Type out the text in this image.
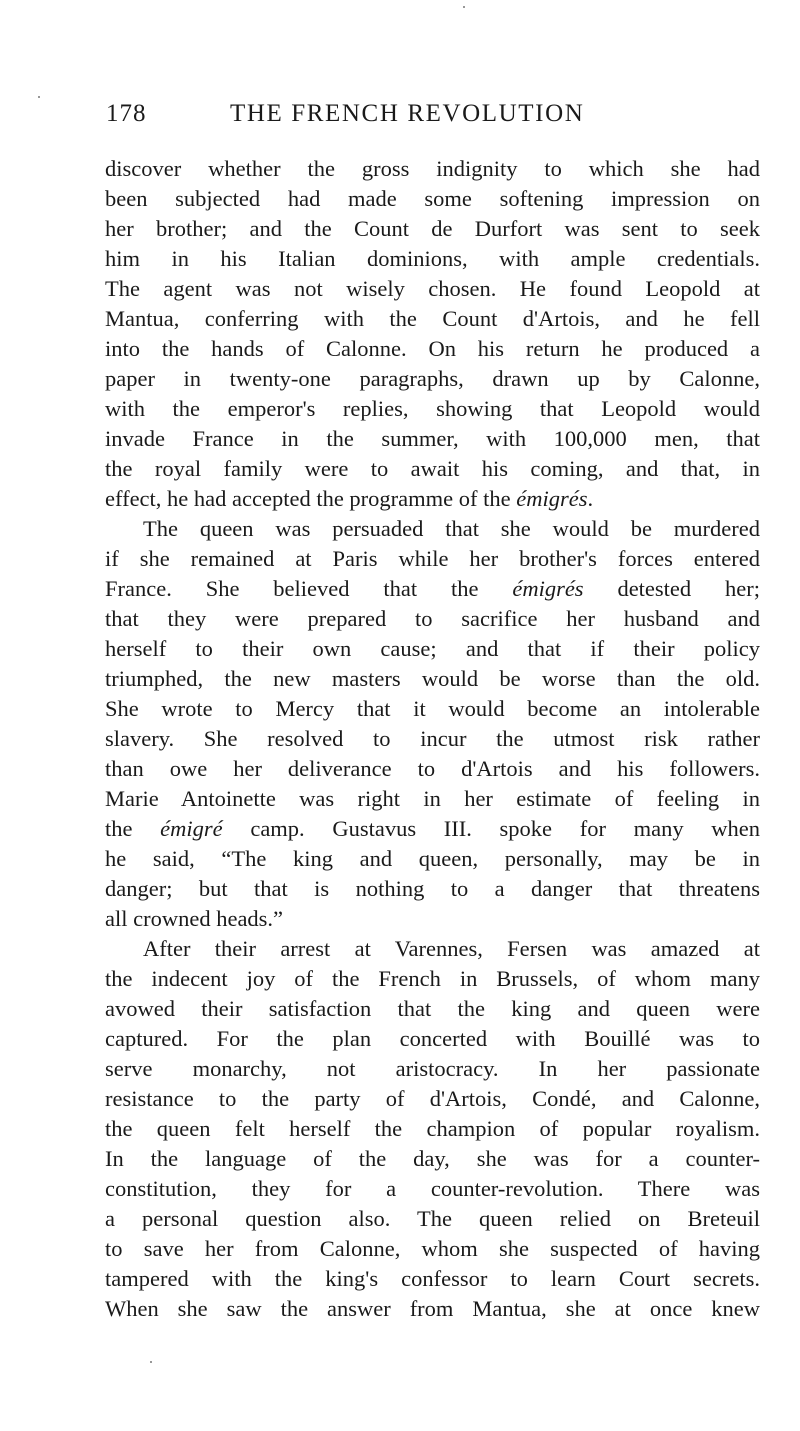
178	THE FRENCH REVOLUTION
discover whether the gross indignity to which she had
been subjected had made some softening impression on
her brother; and the Count de Durfort was sent to seek
him in his Italian dominions, with ample credentials.
The agent was not wisely chosen. He found Leopold at
Mantua, conferring with the Count d'Artois, and he fell
into the hands of Calonne. On his return he produced a
paper in twenty-one paragraphs, drawn up by Calonne,
with the emperor's replies, showing that Leopold would
invade France in the summer, with 100,000 men, that
the royal family were to await his coming, and that, in
effect, he had accepted the programme of the émigrés.
The queen was persuaded that she would be murdered
if she remained at Paris while her brother's forces entered
France. She believed that the émigrés detested her;
that they were prepared to sacrifice her husband and
herself to their own cause; and that if their policy
triumphed, the new masters would be worse than the old.
She wrote to Mercy that it would become an intolerable
slavery. She resolved to incur the utmost risk rather
than owe her deliverance to d'Artois and his followers.
Marie Antoinette was right in her estimate of feeling in
the émigré camp. Gustavus III. spoke for many when
he said, “The king and queen, personally, may be in
danger; but that is nothing to a danger that threatens
all crowned heads.”
After their arrest at Varennes, Fersen was amazed at
the indecent joy of the French in Brussels, of whom many
avowed their satisfaction that the king and queen were
captured. For the plan concerted with Bouillé was to
serve monarchy, not aristocracy. In her passionate
resistance to the party of d'Artois, Condé, and Calonne,
the queen felt herself the champion of popular royalism.
In the language of the day, she was for a counter-
constitution, they for a counter-revolution. There was
a personal question also. The queen relied on Breteuil
to save her from Calonne, whom she suspected of having
tampered with the king's confessor to learn Court secrets.
When she saw the answer from Mantua, she at once knew
